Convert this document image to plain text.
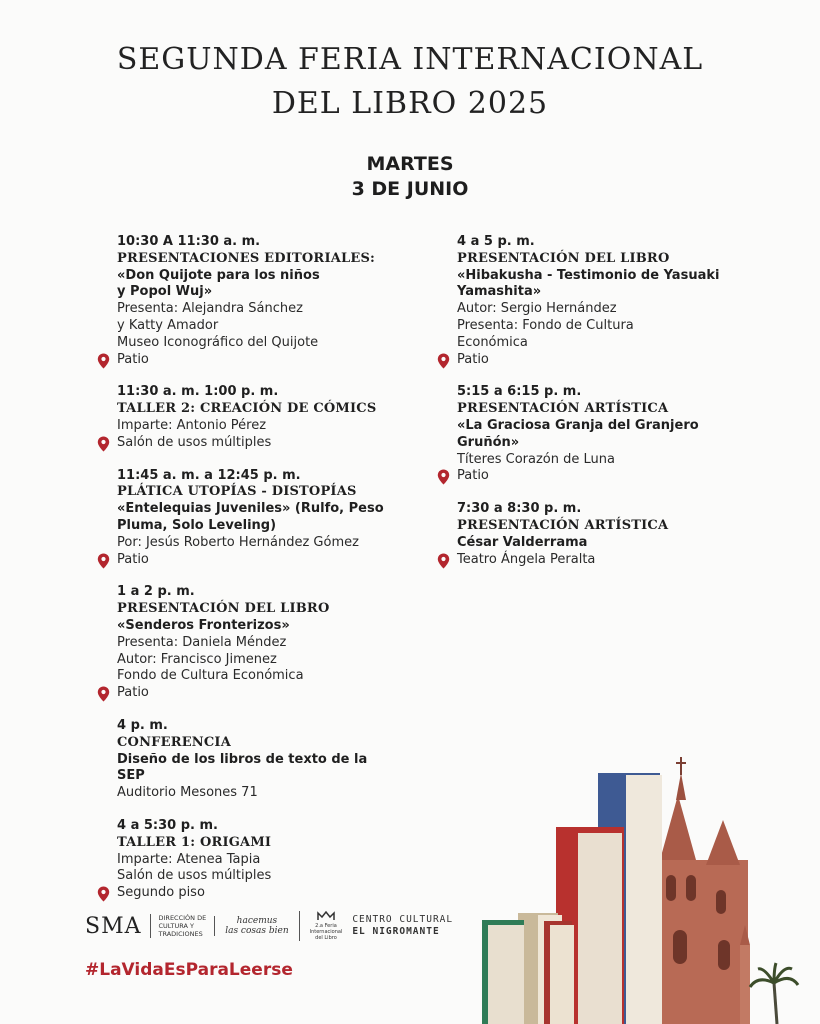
SEGUNDA FERIA INTERNACIONAL
DEL LIBRO 2025
MARTES
3 DE JUNIO
10:30 A 11:30 a. m.
PRESENTACIONES EDITORIALES:
«Don Quijote para los niños
y Popol Wuj»
Presenta: Alejandra Sánchez
y Katty Amador
Museo Iconográfico del Quijote
Patio
11:30 a. m. 1:00 p. m.
TALLER 2: CREACIÓN DE CÓMICS
Imparte: Antonio Pérez
Salón de usos múltiples
11:45 a. m. a 12:45 p. m.
PLÁTICA UTOPÍAS - DISTOPÍAS
«Entelequias Juveniles» (Rulfo, Peso
Pluma, Solo Leveling)
Por: Jesús Roberto Hernández Gómez
Patio
1 a 2 p. m.
PRESENTACIÓN DEL LIBRO
«Senderos Fronterizos»
Presenta: Daniela Méndez
Autor: Francisco Jimenez
Fondo de Cultura Económica
Patio
4 p. m.
CONFERENCIA
Diseño de los libros de texto de la
SEP
Auditorio Mesones 71
4 a 5:30 p. m.
TALLER 1: ORIGAMI
Imparte: Atenea Tapia
Salón de usos múltiples
Segundo piso
4 a 5 p. m.
PRESENTACIÓN DEL LIBRO
«Hibakusha - Testimonio de Yasuaki
Yamashita»
Autor: Sergio Hernández
Presenta: Fondo de Cultura
Económica
Patio
5:15 a 6:15 p. m.
PRESENTACIÓN ARTÍSTICA
«La Graciosa Granja del Granjero
Gruñón»
Títeres Corazón de Luna
Patio
7:30 a 8:30 p. m.
PRESENTACIÓN ARTÍSTICA
César Valderrama
Teatro Ángela Peralta
SMA	DIRECCIÓN DE
CULTURA Y
TRADICIONES
hacemus
las cosas bien	2.a Feria
Internacional
del Libro
CENTRO CULTURAL
EL NIGROMANTE
#LaVidaEsParaLeerse
